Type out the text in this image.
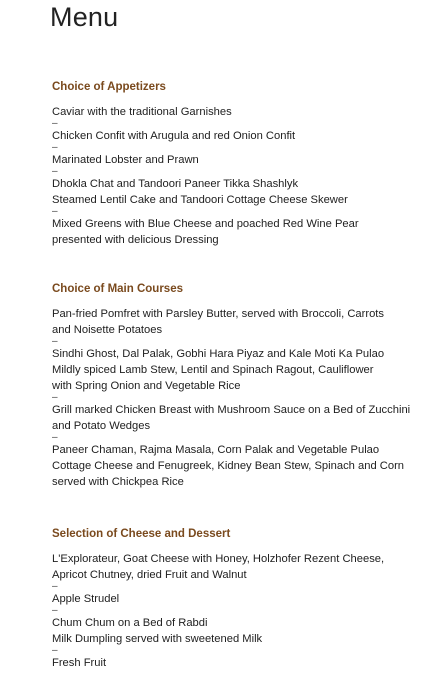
Menu
Choice of Appetizers
Caviar with the traditional Garnishes
–
Chicken Confit with Arugula and red Onion Confit
–
Marinated Lobster and Prawn
–
Dhokla Chat and Tandoori Paneer Tikka Shashlyk
Steamed Lentil Cake and Tandoori Cottage Cheese Skewer
–
Mixed Greens with Blue Cheese and poached Red Wine Pear
presented with delicious Dressing
Choice of Main Courses
Pan-fried Pomfret with Parsley Butter, served with Broccoli, Carrots
and Noisette Potatoes
–
Sindhi Ghost, Dal Palak, Gobhi Hara Piyaz and Kale Moti Ka Pulao
Mildly spiced Lamb Stew, Lentil and Spinach Ragout, Cauliflower
with Spring Onion and Vegetable Rice
–
Grill marked Chicken Breast with Mushroom Sauce on a Bed of Zucchini
and Potato Wedges
–
Paneer Chaman, Rajma Masala, Corn Palak and Vegetable Pulao
Cottage Cheese and Fenugreek, Kidney Bean Stew, Spinach and Corn
served with Chickpea Rice
Selection of Cheese and Dessert
L'Explorateur, Goat Cheese with Honey, Holzhofer Rezent Cheese,
Apricot Chutney, dried Fruit and Walnut
–
Apple Strudel
–
Chum Chum on a Bed of Rabdi
Milk Dumpling served with sweetened Milk
–
Fresh Fruit
